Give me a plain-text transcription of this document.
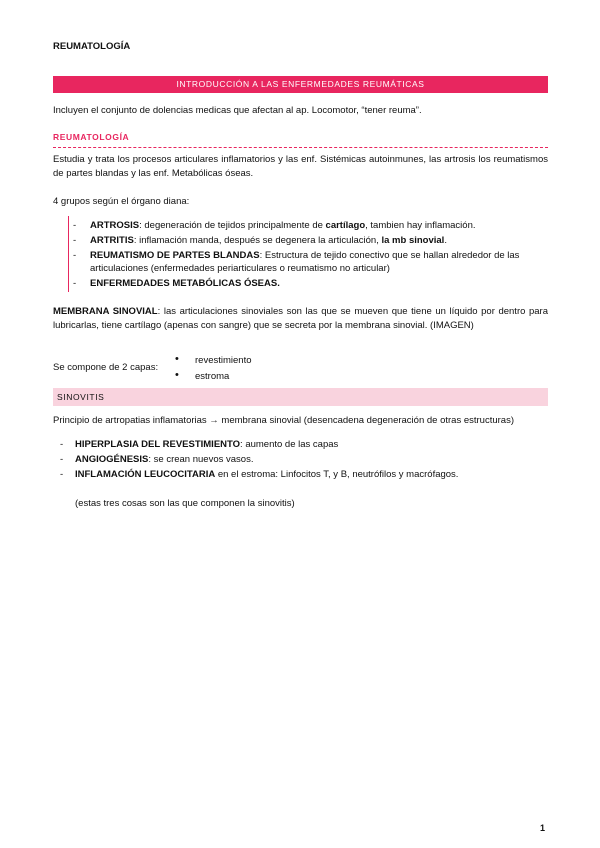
REUMATOLOGÍA
INTRODUCCIÓN A LAS ENFERMEDADES REUMÁTICAS
Incluyen el conjunto de dolencias medicas que afectan al ap. Locomotor, “tener reuma”.
REUMATOLOGÍA
Estudia y trata los procesos articulares inflamatorios y las enf. Sistémicas autoinmunes, las artrosis los reumatismos de partes blandas y las enf. Metabólicas óseas.
4 grupos según el órgano diana:
- ARTROSIS: degeneración de tejidos principalmente de cartílago, tambien hay inflamación.
- ARTRITIS: inflamación manda, después se degenera la articulación, la mb sinovial.
- REUMATISMO DE PARTES BLANDAS: Estructura de tejido conectivo que se hallan alrededor de las articulaciones (enfermedades periarticulares o reumatismo no articular)
- ENFERMEDADES METABÓLICAS ÓSEAS.
MEMBRANA SINOVIAL: las articulaciones sinoviales son las que se mueven que tiene un líquido por dentro para lubricarlas, tiene cartílago (apenas con sangre) que se secreta por la membrana sinovial. (IMAGEN)
Se compone de 2 capas:
• revestimiento
• estroma
SINOVITIS
Principio de artropatias inflamatorias → membrana sinovial (desencadena degeneración de otras estructuras)
- HIPERPLASIA DEL REVESTIMIENTO: aumento de las capas
- ANGIOGÉNESIS: se crean nuevos vasos.
- INFLAMACIÓN LEUCOCITARIA en el estroma: Linfocitos T, y B, neutrófilos y macrófagos.
(estas tres cosas son las que componen la sinovitis)
1
